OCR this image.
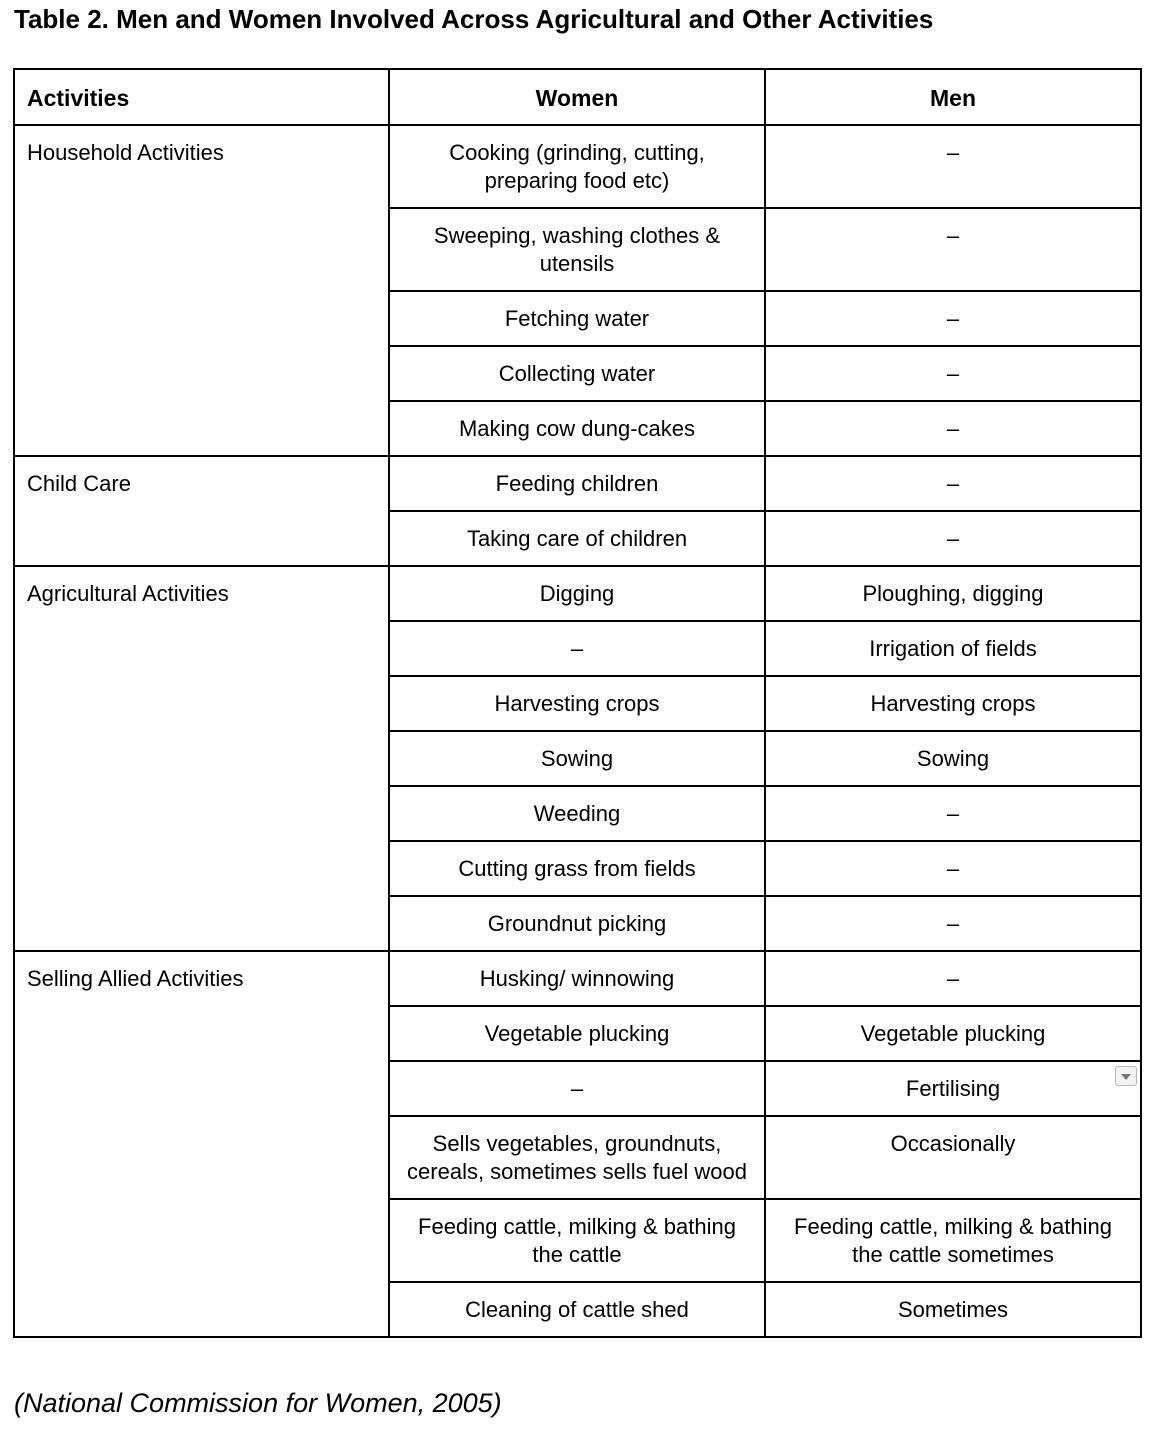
Table 2. Men and Women Involved Across Agricultural and Other Activities
Activities	Women	Men
Household Activities	Cooking (grinding, cutting, preparing food etc)	–
	Sweeping, washing clothes & utensils	–
	Fetching water	–
	Collecting water	–
	Making cow dung-cakes	–
Child Care	Feeding children	–
	Taking care of children	–
Agricultural Activities	Digging	Ploughing, digging
	–	Irrigation of fields
	Harvesting crops	Harvesting crops
	Sowing	Sowing
	Weeding	–
	Cutting grass from fields	–
	Groundnut picking	–
Selling Allied Activities	Husking/ winnowing	–
	Vegetable plucking	Vegetable plucking
	–	Fertilising

	Sells vegetables, groundnuts, cereals, sometimes sells fuel wood	Occasionally
	Feeding cattle, milking & bathing the cattle	Feeding cattle, milking & bathing the cattle sometimes
	Cleaning of cattle shed	Sometimes
(National Commission for Women, 2005)
